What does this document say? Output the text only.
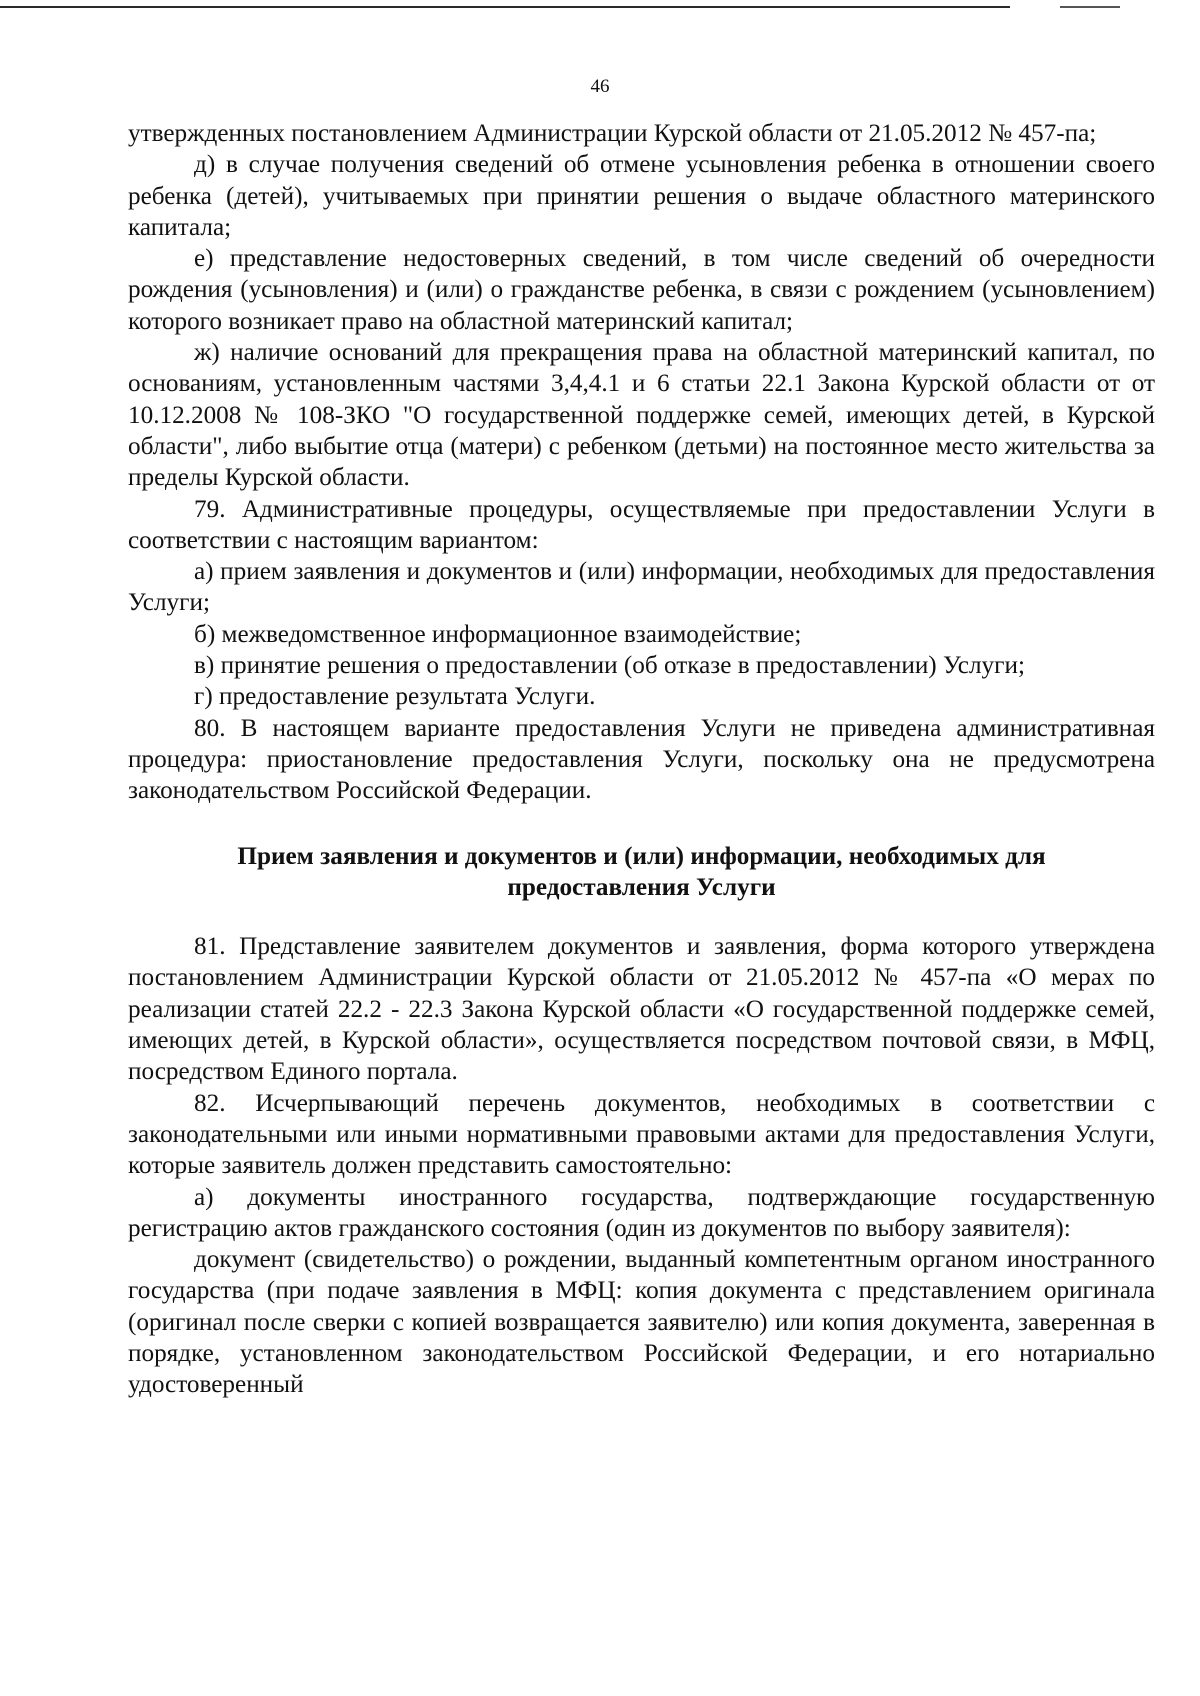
46

утвержденных постановлением Администрации Курской области от 21.05.2012 № 457-па;

д) в случае получения сведений об отмене усыновления ребенка в отношении своего ребенка (детей), учитываемых при принятии решения о выдаче областного материнского капитала;

е) представление недостоверных сведений, в том числе сведений об очередности рождения (усыновления) и (или) о гражданстве ребенка, в связи с рождением (усыновлением) которого возникает право на областной материнский капитал;

ж) наличие оснований для прекращения права на областной материнский капитал, по основаниям, установленным частями 3,4,4.1 и 6 статьи 22.1 Закона Курской области от от 10.12.2008 № 108-ЗКО "О государственной поддержке семей, имеющих детей, в Курской области", либо выбытие отца (матери) с ребенком (детьми) на постоянное место жительства за пределы Курской области.

79. Административные процедуры, осуществляемые при предоставлении Услуги в соответствии с настоящим вариантом:

а) прием заявления и документов и (или) информации, необходимых для предоставления Услуги;

б) межведомственное информационное взаимодействие;

в) принятие решения о предоставлении (об отказе в предоставлении) Услуги;

г) предоставление результата Услуги.

80. В настоящем варианте предоставления Услуги не приведена административная процедура: приостановление предоставления Услуги, поскольку она не предусмотрена законодательством Российской Федерации.

Прием заявления и документов и (или) информации, необходимых для предоставления Услуги

81. Представление заявителем документов и заявления, форма которого утверждена постановлением Администрации Курской области от 21.05.2012 № 457-па «О мерах по реализации статей 22.2 - 22.3 Закона Курской области «О государственной поддержке семей, имеющих детей, в Курской области», осуществляется посредством почтовой связи, в МФЦ, посредством Единого портала.

82. Исчерпывающий перечень документов, необходимых в соответствии с законодательными или иными нормативными правовыми актами для предоставления Услуги, которые заявитель должен представить самостоятельно:

а) документы иностранного государства, подтверждающие государственную регистрацию актов гражданского состояния (один из документов по выбору заявителя):

документ (свидетельство) о рождении, выданный компетентным органом иностранного государства (при подаче заявления в МФЦ: копия документа с представлением оригинала (оригинал после сверки с копией возвращается заявителю) или копия документа, заверенная в порядке, установленном законодательством Российской Федерации, и его нотариально удостоверенный
